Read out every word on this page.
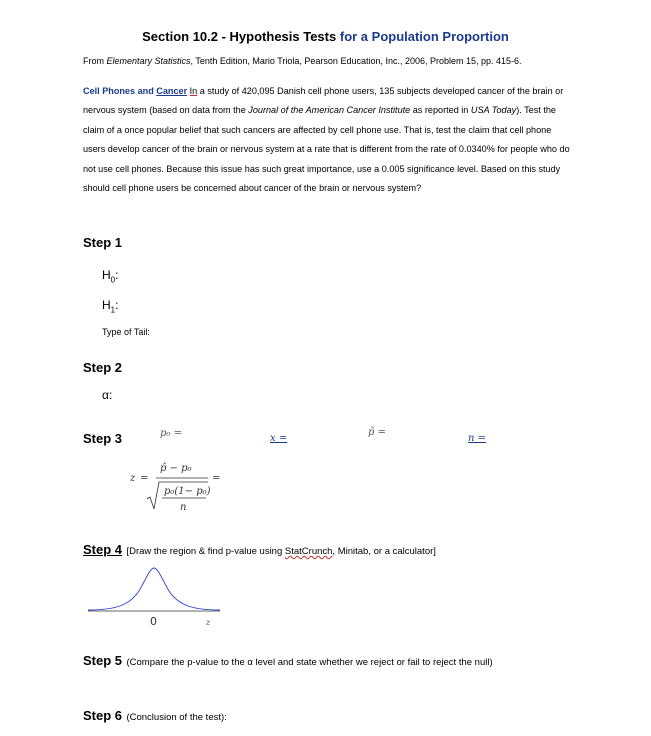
Section 10.2 - Hypothesis Tests for a Population Proportion
From Elementary Statistics, Tenth Edition, Mario Triola, Pearson Education, Inc., 2006, Problem 15, pp. 415-6.
Cell Phones and Cancer In a study of 420,095 Danish cell phone users, 135 subjects developed cancer of the brain or nervous system (based on data from the Journal of the American Cancer Institute as reported in USA Today). Test the claim of a once popular belief that such cancers are affected by cell phone use. That is, test the claim that cell phone users develop cancer of the brain or nervous system at a rate that is different from the rate of 0.0340% for people who do not use cell phones. Because this issue has such great importance, use a 0.005 significance level. Based on this study should cell phone users be concerned about cancer of the brain or nervous system?
Step 1
$H_0$:
$H_1$:
Type of Tail:
Step 2
α:
Step 3	p₀ =	x =
p̂ =
n =
z =
p̂ − p₀
p₀(1− p₀)
n
=
Step 4 [Draw the region & find p-value using StatCrunch, Minitab, or a calculator]
0	z
Step 5 (Compare the p-value to the α level and state whether we reject or fail to reject the null)
Step 6 (Conclusion of the test):
